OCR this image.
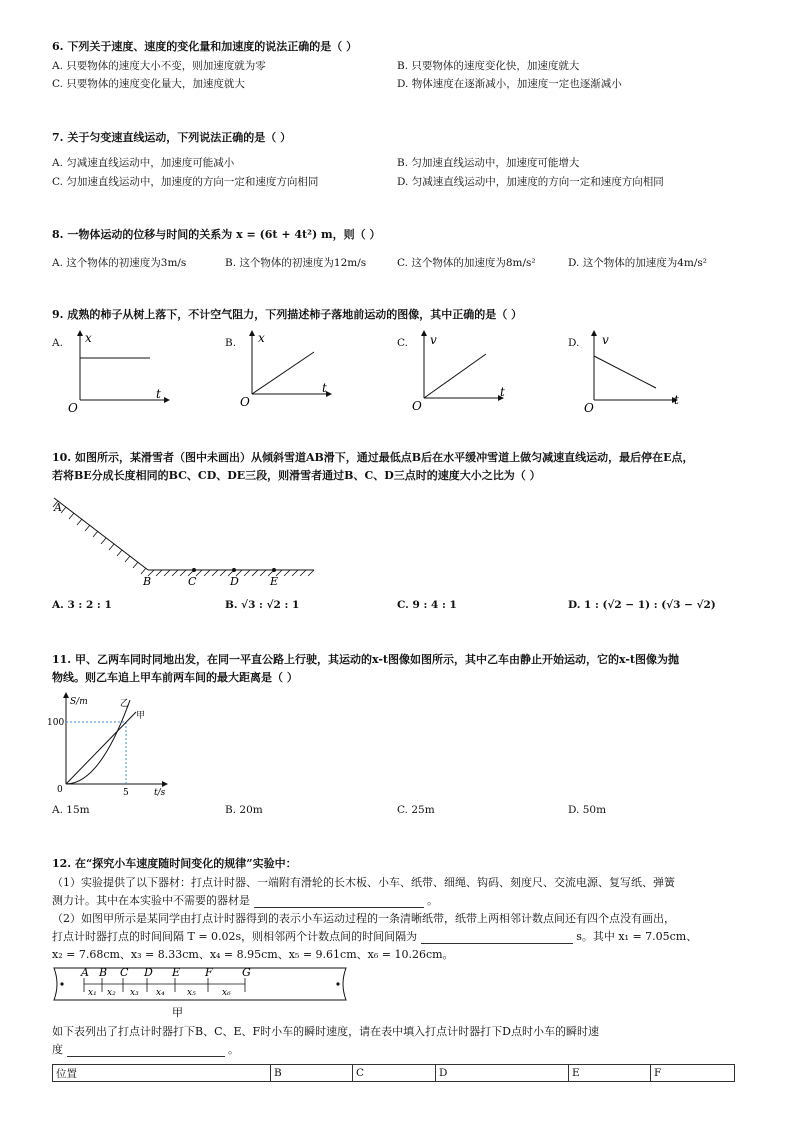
6. 下列关于速度、速度的变化量和加速度的说法正确的是（ ）
A. 只要物体的速度大小不变，则加速度就为零	B. 只要物体的速度变化快，加速度就大
C. 只要物体的速度变化量大，加速度就大	D. 物体速度在逐渐减小，加速度一定也逐渐减小
7. 关于匀变速直线运动，下列说法正确的是（ ）
A. 匀减速直线运动中，加速度可能减小	B. 匀加速直线运动中，加速度可能增大
C. 匀加速直线运动中，加速度的方向一定和速度方向相同	D. 匀减速直线运动中，加速度的方向一定和速度方向相同
8. 一物体运动的位移与时间的关系为 x = (6t + 4t²) m，则（ ）
A. 这个物体的初速度为3m/s	B. 这个物体的初速度为12m/s	C. 这个物体的加速度为8m/s²	D. 这个物体的加速度为4m/s²
9. 成熟的柿子从树上落下，不计空气阻力，下列描述柿子落地前运动的图像，其中正确的是（ ）
A.	B.	C.	D.
x
t
O
x
t
O
v
t
O
v
t
O
10. 如图所示，某滑雪者（图中未画出）从倾斜雪道AB滑下，通过最低点B后在水平缓冲雪道上做匀减速直线运动，最后停在E点，
若将BE分成长度相同的BC、CD、DE三段，则滑雪者通过B、C、D三点时的速度大小之比为（ ）
A
B	C	D	E
A. 3 : 2 : 1	B. √3 : √2 : 1	C. 9 : 4 : 1	D. 1 : (√2 − 1) : (√3 − √2)
11. 甲、乙两车同时同地出发，在同一平直公路上行驶，其运动的x-t图像如图所示，其中乙车由静止开始运动，它的x-t图像为抛
物线。则乙车追上甲车前两车间的最大距离是（ ）
S/m
100
5
0	t/s
乙
甲
A. 15m	B. 20m	C. 25m	D. 50m
12. 在“探究小车速度随时间变化的规律”实验中：
（1）实验提供了以下器材：打点计时器、一端附有滑轮的长木板、小车、纸带、细绳、钩码、刻度尺、交流电源、复写纸、弹簧
测力计。其中在本实验中不需要的器材是	。
（2）如图甲所示是某同学由打点计时器得到的表示小车运动过程的一条清晰纸带，纸带上两相邻计数点间还有四个点没有画出，
打点计时器打点的时间间隔 T = 0.02s，则相邻两个计数点间的时间间隔为	s。其中 x₁ = 7.05cm、
x₂ = 7.68cm、x₃ = 8.33cm、x₄ = 8.95cm、x₅ = 9.61cm、x₆ = 10.26cm。
A B C D E F	G
x₁ x₂ x₃ x₄ x₅	x₆
甲
如下表列出了打点计时器打下B、C、E、F时小车的瞬时速度，请在表中填入打点计时器打下D点时小车的瞬时速
度	。
位置	B	C	D	E	F
